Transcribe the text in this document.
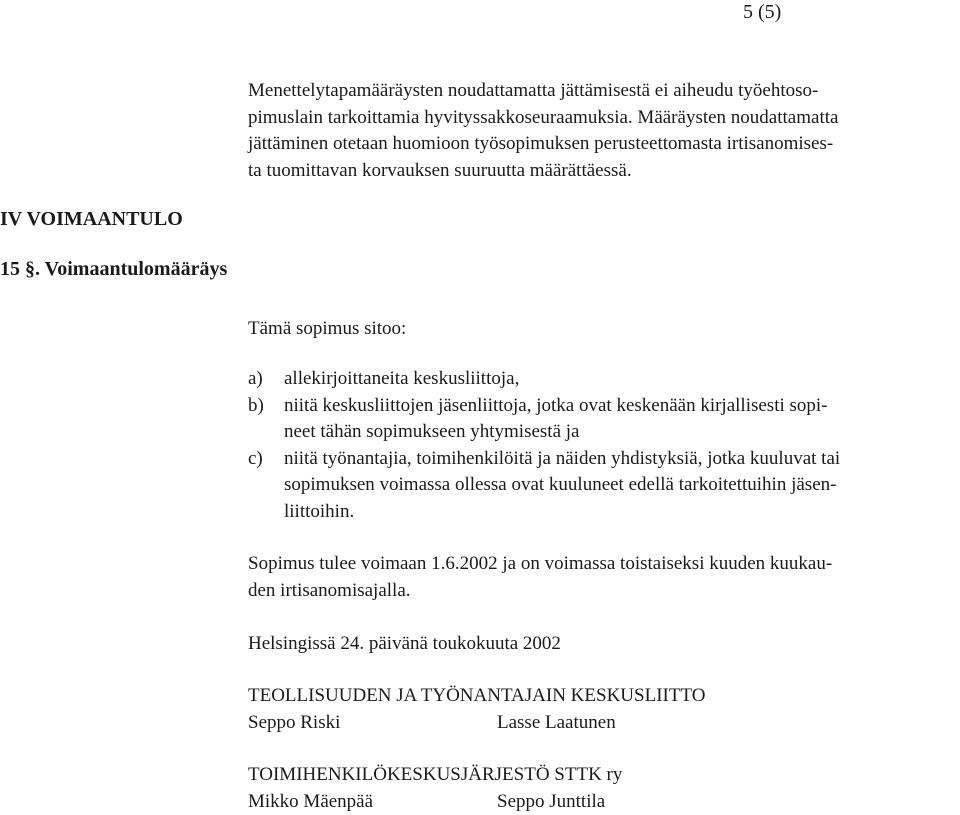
5 (5)
Menettelytapamääräysten noudattamatta jättämisestä ei aiheudu työehtoso-
pimuslain tarkoittamia hyvityssakkoseuraamuksia. Määräysten noudattamatta
jättäminen otetaan huomioon työsopimuksen perusteettomasta irtisanomises-
ta tuomittavan korvauksen suuruutta määrättäessä.
IV VOIMAANTULO
15 §. Voimaantulomääräys
Tämä sopimus sitoo:
a) allekirjoittaneita keskusliittoja,
b) niitä keskusliittojen jäsenliittoja, jotka ovat keskenään kirjallisesti sopi-
neet tähän sopimukseen yhtymisestä ja
c) niitä työnantajia, toimihenkilöitä ja näiden yhdistyksiä, jotka kuuluvat tai
sopimuksen voimassa ollessa ovat kuuluneet edellä tarkoitettuihin jäsen-
liittoihin.
Sopimus tulee voimaan 1.6.2002 ja on voimassa toistaiseksi kuuden kuukau-
den irtisanomisajalla.
Helsingissä 24. päivänä toukokuuta 2002
TEOLLISUUDEN JA TYÖNANTAJAIN KESKUSLIITTO
Seppo Riski	Lasse Laatunen
TOIMIHENKILÖKESKUSJÄRJESTÖ STTK ry
Mikko Mäenpää	Seppo Junttila
